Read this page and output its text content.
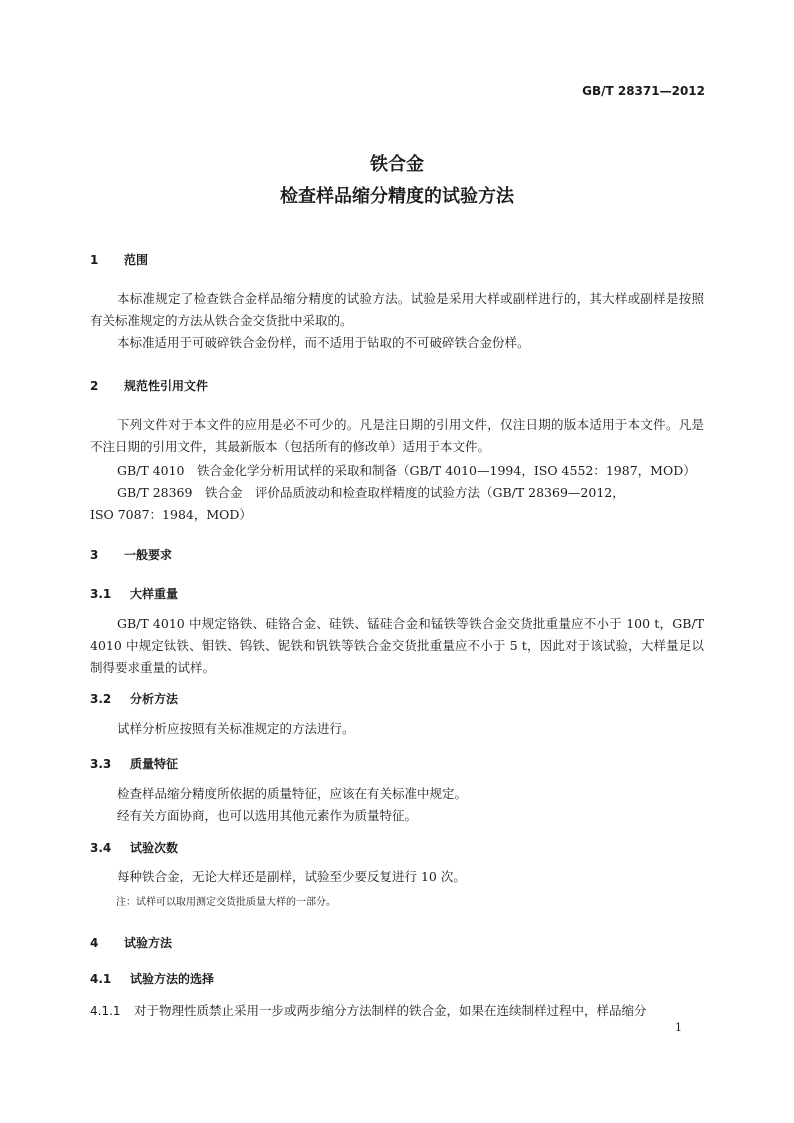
GB/T 28371—2012
铁合金
检查样品缩分精度的试验方法
1 范围
本标准规定了检查铁合金样品缩分精度的试验方法。试验是采用大样或副样进行的，其大样或副样是按照有关标准规定的方法从铁合金交货批中采取的。
本标准适用于可破碎铁合金份样，而不适用于钻取的不可破碎铁合金份样。
2 规范性引用文件
下列文件对于本文件的应用是必不可少的。凡是注日期的引用文件，仅注日期的版本适用于本文件。凡是不注日期的引用文件，其最新版本（包括所有的修改单）适用于本文件。
GB/T 4010　铁合金化学分析用试样的采取和制备（GB/T 4010—1994，ISO 4552：1987，MOD）
GB/T 28369　铁合金　评价品质波动和检查取样精度的试验方法（GB/T 28369—2012，
ISO 7087：1984，MOD）
3 一般要求
3.1 大样重量
GB/T 4010 中规定铬铁、硅铬合金、硅铁、锰硅合金和锰铁等铁合金交货批重量应不小于 100 t，GB/T 4010 中规定钛铁、钼铁、钨铁、铌铁和钒铁等铁合金交货批重量应不小于 5 t，因此对于该试验，大样量足以制得要求重量的试样。
3.2 分析方法
试样分析应按照有关标准规定的方法进行。
3.3 质量特征
检查样品缩分精度所依据的质量特征，应该在有关标准中规定。
经有关方面协商，也可以选用其他元素作为质量特征。
3.4 试验次数
每种铁合金，无论大样还是副样，试验至少要反复进行 10 次。
注：试样可以取用测定交货批质量大样的一部分。
4 试验方法
4.1 试验方法的选择
4.1.1 对于物理性质禁止采用一步或两步缩分方法制样的铁合金，如果在连续制样过程中，样品缩分
1
